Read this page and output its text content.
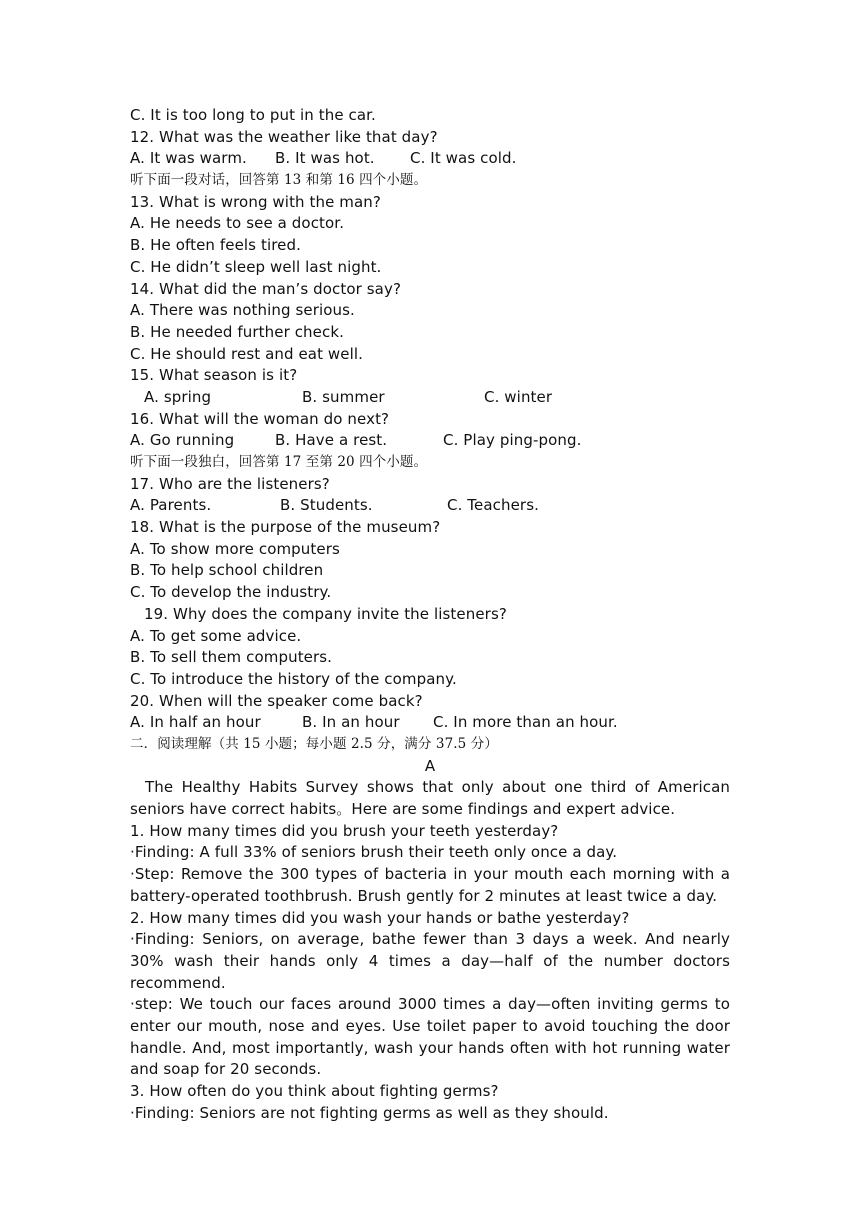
C. It is too long to put in the car.
12. What was the weather like that day?
A. It was warm.	B. It was hot.	C. It was cold.
听下面一段对话，回答第 13 和第 16 四个小题。
13. What is wrong with the man?
A. He needs to see a doctor.
B. He often feels tired.
C. He didn’t sleep well last night.
14. What did the man’s doctor say?
A. There was nothing serious.
B. He needed further check.
C. He should rest and eat well.
15. What season is it?
A. spring	B. summer	C. winter
16. What will the woman do next?
A. Go running	B. Have a rest.	C. Play ping-pong.
听下面一段独白，回答第 17 至第 20 四个小题。
17. Who are the listeners?
A. Parents.	B. Students.	C. Teachers.
18. What is the purpose of the museum?
A. To show more computers
B. To help school children
C. To develop the industry.
19. Why does the company invite the listeners?
A. To get some advice.
B. To sell them computers.
C. To introduce the history of the company.
20. When will the speaker come back?
A. In half an hour	B. In an hour	C. In more than an hour.
二．阅读理解（共 15 小题；每小题 2.5 分，满分 37.5 分）
A
The Healthy Habits Survey shows that only about one third of American seniors have correct habits。Here are some findings and expert advice.
1. How many times did you brush your teeth yesterday?
·Finding: A full 33% of seniors brush their teeth only once a day.
·Step: Remove the 300 types of bacteria in your mouth each morning with a battery-operated toothbrush. Brush gently for 2 minutes at least twice a day.
2. How many times did you wash your hands or bathe yesterday?
·Finding: Seniors, on average, bathe fewer than 3 days a week. And nearly 30% wash their hands only 4 times a day—half of the number doctors recommend.
·step: We touch our faces around 3000 times a day—often inviting germs to enter our mouth, nose and eyes. Use toilet paper to avoid touching the door handle. And, most importantly, wash your hands often with hot running water and soap for 20 seconds.
3. How often do you think about fighting germs?
·Finding: Seniors are not fighting germs as well as they should.
